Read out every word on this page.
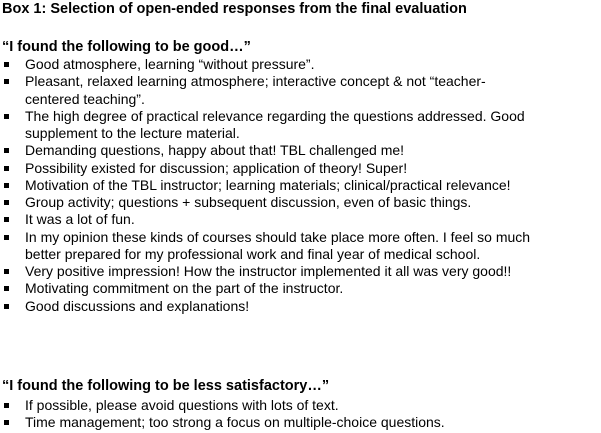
Box 1: Selection of open-ended responses from the final evaluation
“I found the following to be good…”
Good atmosphere, learning “without pressure”.
Pleasant, relaxed learning atmosphere; interactive concept & not “teacher-
centered teaching”.
The high degree of practical relevance regarding the questions addressed. Good
supplement to the lecture material.
Demanding questions, happy about that! TBL challenged me!
Possibility existed for discussion; application of theory! Super!
Motivation of the TBL instructor; learning materials; clinical/practical relevance!
Group activity; questions + subsequent discussion, even of basic things.
It was a lot of fun.
In my opinion these kinds of courses should take place more often. I feel so much
better prepared for my professional work and final year of medical school.
Very positive impression! How the instructor implemented it all was very good!!
Motivating commitment on the part of the instructor.
Good discussions and explanations!
“I found the following to be less satisfactory…”
If possible, please avoid questions with lots of text.
Time management; too strong a focus on multiple-choice questions.
